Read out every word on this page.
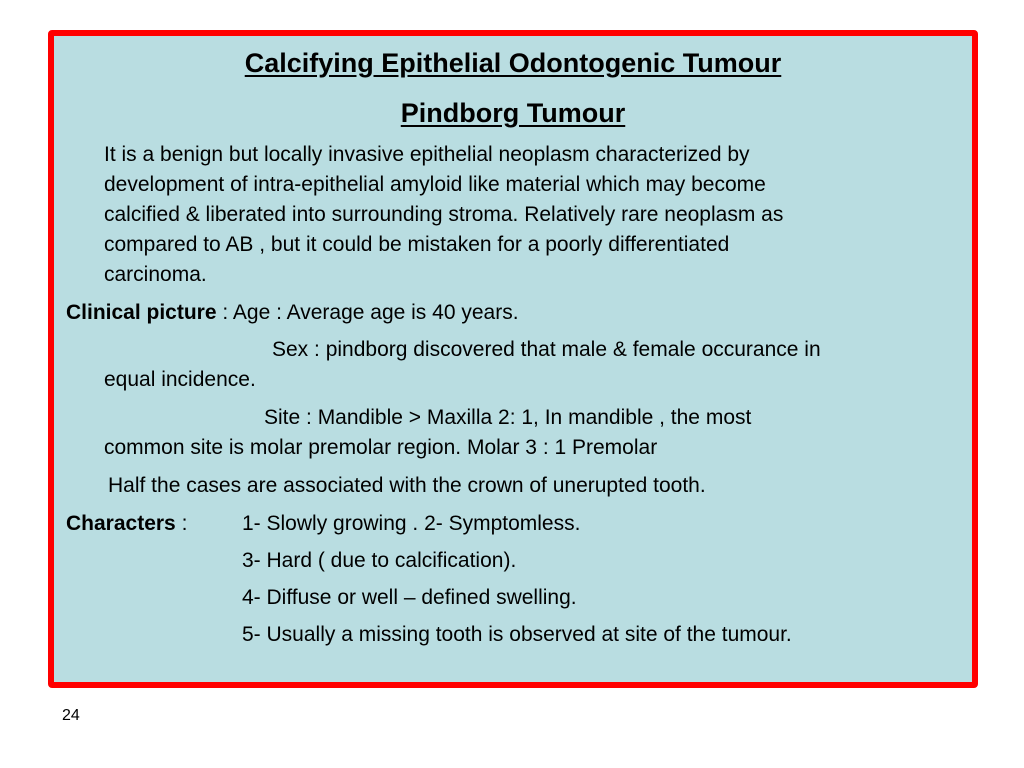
Calcifying Epithelial Odontogenic Tumour
Pindborg Tumour
It is a benign but locally invasive epithelial neoplasm characterized by
development of intra-epithelial amyloid like material which may become
calcified & liberated into surrounding stroma. Relatively rare neoplasm as
compared to AB , but it could be mistaken for a poorly differentiated
carcinoma.
Clinical picture : Age : Average age is 40 years.
Sex : pindborg discovered that male & female occurance in
equal incidence.
Site : Mandible > Maxilla 2: 1, In mandible , the most
common site is molar premolar region. Molar 3 : 1 Premolar
Half the cases are associated with the crown of unerupted tooth.
Characters :	1- Slowly growing . 2- Symptomless.
3- Hard ( due to calcification).
4- Diffuse or well – defined swelling.
5- Usually a missing tooth is observed at site of the tumour.
24
